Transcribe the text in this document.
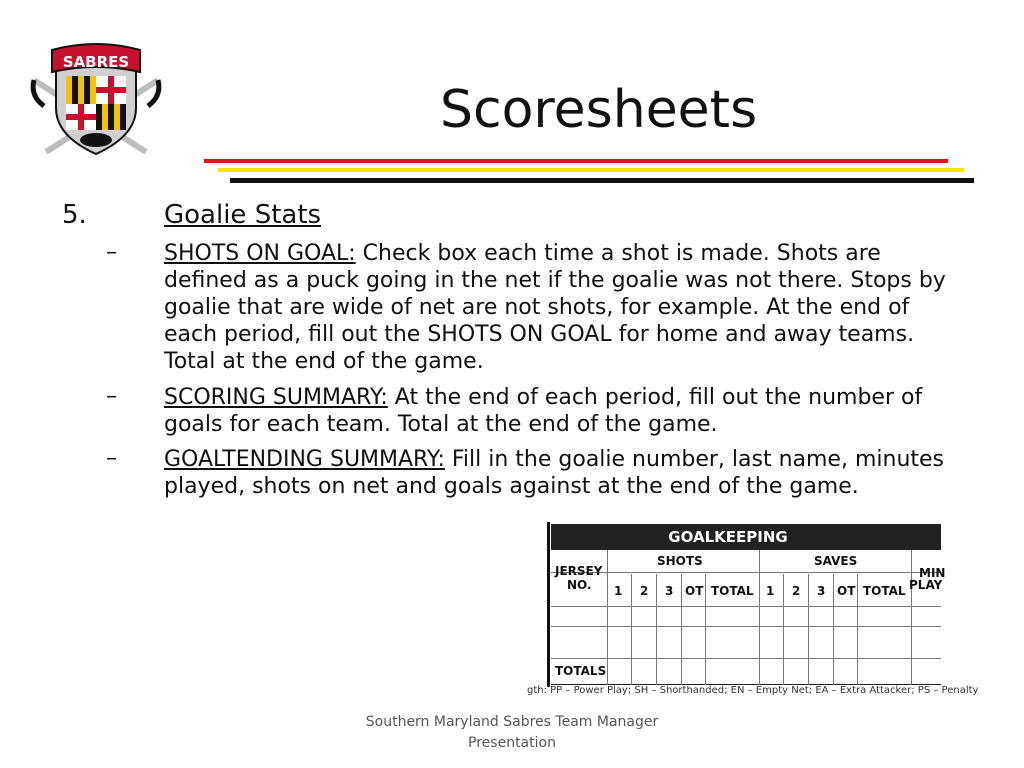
SABRES
Scoresheets
5.	Goalie Stats
– SHOTS ON GOAL: Check box each time a shot is made. Shots are defined as a puck going in the net if the goalie was not there. Stops by goalie that are wide of net are not shots, for example. At the end of each period, fill out the SHOTS ON GOAL for home and away teams. Total at the end of the game.
– SCORING SUMMARY: At the end of each period, fill out the number of goals for each team. Total at the end of the game.
– GOALTENDING SUMMARY: Fill in the goalie number, last name, minutes played, shots on net and goals against at the end of the game.
GOALKEEPING
SHOTS	SAVES
JERSEY
NO.
MIN
PLAY
1 2 3 OT TOTAL 1 2 3 OT TOTAL
TOTALS
gth: PP – Power Play; SH – Shorthanded; EN – Empty Net; EA – Extra Attacker; PS – Penalty
Southern Maryland Sabres Team Manager
Presentation
